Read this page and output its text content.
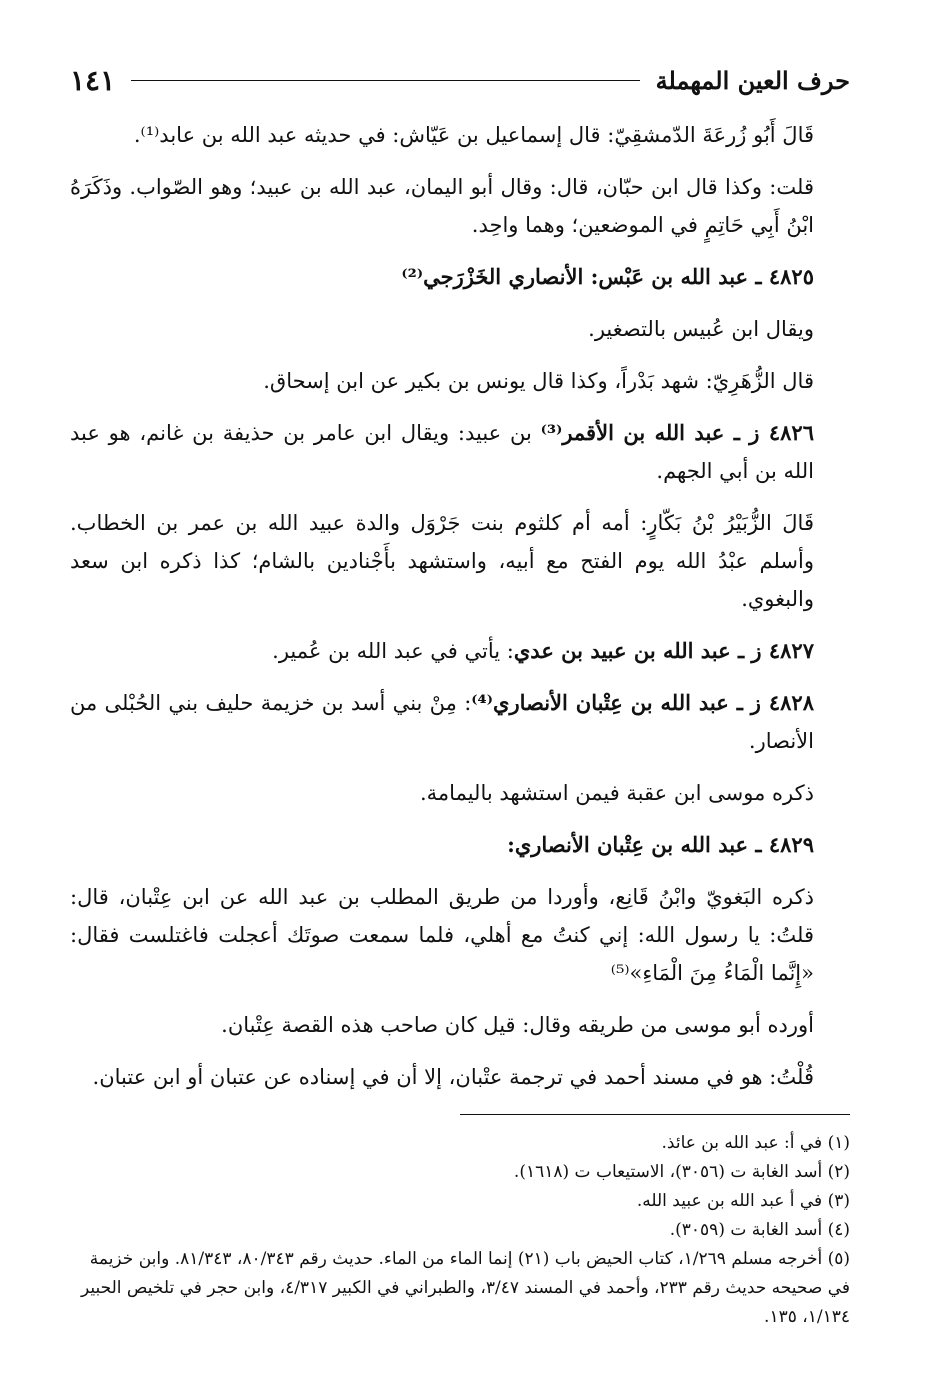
حرف العين المهملة
١٤١

قَالَ أَبُو زُرعَةَ الدّمشقِيّ: قال إسماعيل بن عَيّاش: في حديثه عبد الله بن عابد⁽¹⁾.

قلت: وكذا قال ابن حبّان، قال: وقال أبو اليمان، عبد الله بن عبيد؛ وهو الصّواب. وذَكَرَهُ ابْنُ أَبِي حَاتِمٍ في الموضعين؛ وهما واحِد.

٤٨٢٥ ـ عبد الله بن عَبْس: الأنصاري الخَزْرَجي⁽²⁾

ويقال ابن عُبيس بالتصغير.

قال الزُّهَرِيّ: شهد بَدْراً، وكذا قال يونس بن بكير عن ابن إسحاق.

٤٨٢٦ ز ـ عبد الله بن الأقمر⁽³⁾ بن عبيد: ويقال ابن عامر بن حذيفة بن غانم، هو عبد الله بن أبي الجهم.

قَالَ الزُّبَيْرُ بْنُ بَكّارٍ: أمه أم كلثوم بنت جَرْوَل والدة عبيد الله بن عمر بن الخطاب. وأسلم عبْدُ الله يوم الفتح مع أبيه، واستشهد بأَجْنادين بالشام؛ كذا ذكره ابن سعد والبغوي.

٤٨٢٧ ز ـ عبد الله بن عبيد بن عدي: يأتي في عبد الله بن عُمير.

٤٨٢٨ ز ـ عبد الله بن عِتْبان الأنصاري⁽⁴⁾: مِنْ بني أسد بن خزيمة حليف بني الحُبْلى من الأنصار.

ذكره موسى ابن عقبة فيمن استشهد باليمامة.

٤٨٢٩ ـ عبد الله بن عِتْبان الأنصاري:

ذكره البَغويّ وابْنُ قَانِع، وأوردا من طريق المطلب بن عبد الله عن ابن عِتْبان، قال: قلتُ: يا رسول الله: إني كنتُ مع أهلي، فلما سمعت صوتَك أعجلت فاغتلست فقال: «إِنَّما الْمَاءُ مِنَ الْمَاءِ»⁽⁵⁾

أورده أبو موسى من طريقه وقال: قيل كان صاحب هذه القصة عِتْبان.

قُلْتُ: هو في مسند أحمد في ترجمة عتْبان، إلا أن في إسناده عن عتبان أو ابن عتبان.

(١) في أ: عبد الله بن عائذ.

(٢) أسد الغابة ت (٣٠٥٦)، الاستيعاب ت (١٦١٨).

(٣) في أ عبد الله بن عبيد الله.

(٤) أسد الغابة ت (٣٠٥٩).

(٥) أخرجه مسلم ١/٢٦٩، كتاب الحيض باب (٢١) إنما الماء من الماء. حديث رقم ٨٠/٣٤٣، ٨١/٣٤٣. وابن خزيمة في صحيحه حديث رقم ٢٣٣، وأحمد في المسند ٣/٤٧، والطبراني في الكبير ٤/٣١٧، وابن حجر في تلخيص الحبير ١/١٣٤، ١٣٥.
